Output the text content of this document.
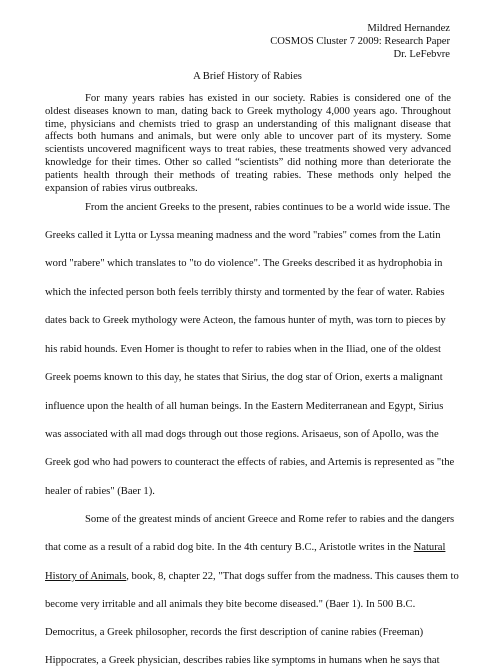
Mildred Hernandez
COSMOS Cluster 7 2009: Research Paper
Dr. LeFebvre
A Brief History of Rabies

For many years rabies has existed in our society. Rabies is considered one of the oldest diseases known to man, dating back to Greek mythology 4,000 years ago. Throughout time, physicians and chemists tried to grasp an understanding of this malignant disease that affects both humans and animals, but were only able to uncover part of its mystery. Some scientists uncovered magnificent ways to treat rabies, these treatments showed very advanced knowledge for their times. Other so called “scientists” did nothing more than deteriorate the patients health through their methods of treating rabies. These methods only helped the expansion of rabies virus outbreaks.

From the ancient Greeks to the present, rabies continues to be a world wide issue. The

Greeks called it Lytta or Lyssa meaning madness and the word "rabies" comes from the Latin

word "rabere" which translates to "to do violence". The Greeks described it as hydrophobia in

which the infected person both feels terribly thirsty and tormented by the fear of water. Rabies

dates back to Greek mythology were Acteon, the famous hunter of myth, was torn to pieces by

his rabid hounds. Even Homer is thought to refer to rabies when in the Iliad, one of the oldest

Greek poems known to this day, he states that Sirius, the dog star of Orion, exerts a malignant

influence upon the health of all human beings. In the Eastern Mediterranean and Egypt, Sirius

was associated with all mad dogs through out those regions. Arisaeus, son of Apollo, was the

Greek god who had powers to counteract the effects of rabies, and Artemis is represented as "the

healer of rabies" (Baer 1).

Some of the greatest minds of ancient Greece and Rome refer to rabies and the dangers

that come as a result of a rabid dog bite. In the 4th century B.C., Aristotle writes in the Natural

History of Animals, book, 8, chapter 22, "That dogs suffer from the madness. This causes them to

become very irritable and all animals they bite become diseased." (Baer 1). In 500 B.C.

Democritus, a Greek philosopher, records the first description of canine rabies (Freeman)

Hippocrates, a Greek physician, describes rabies like symptoms in humans when he says that
